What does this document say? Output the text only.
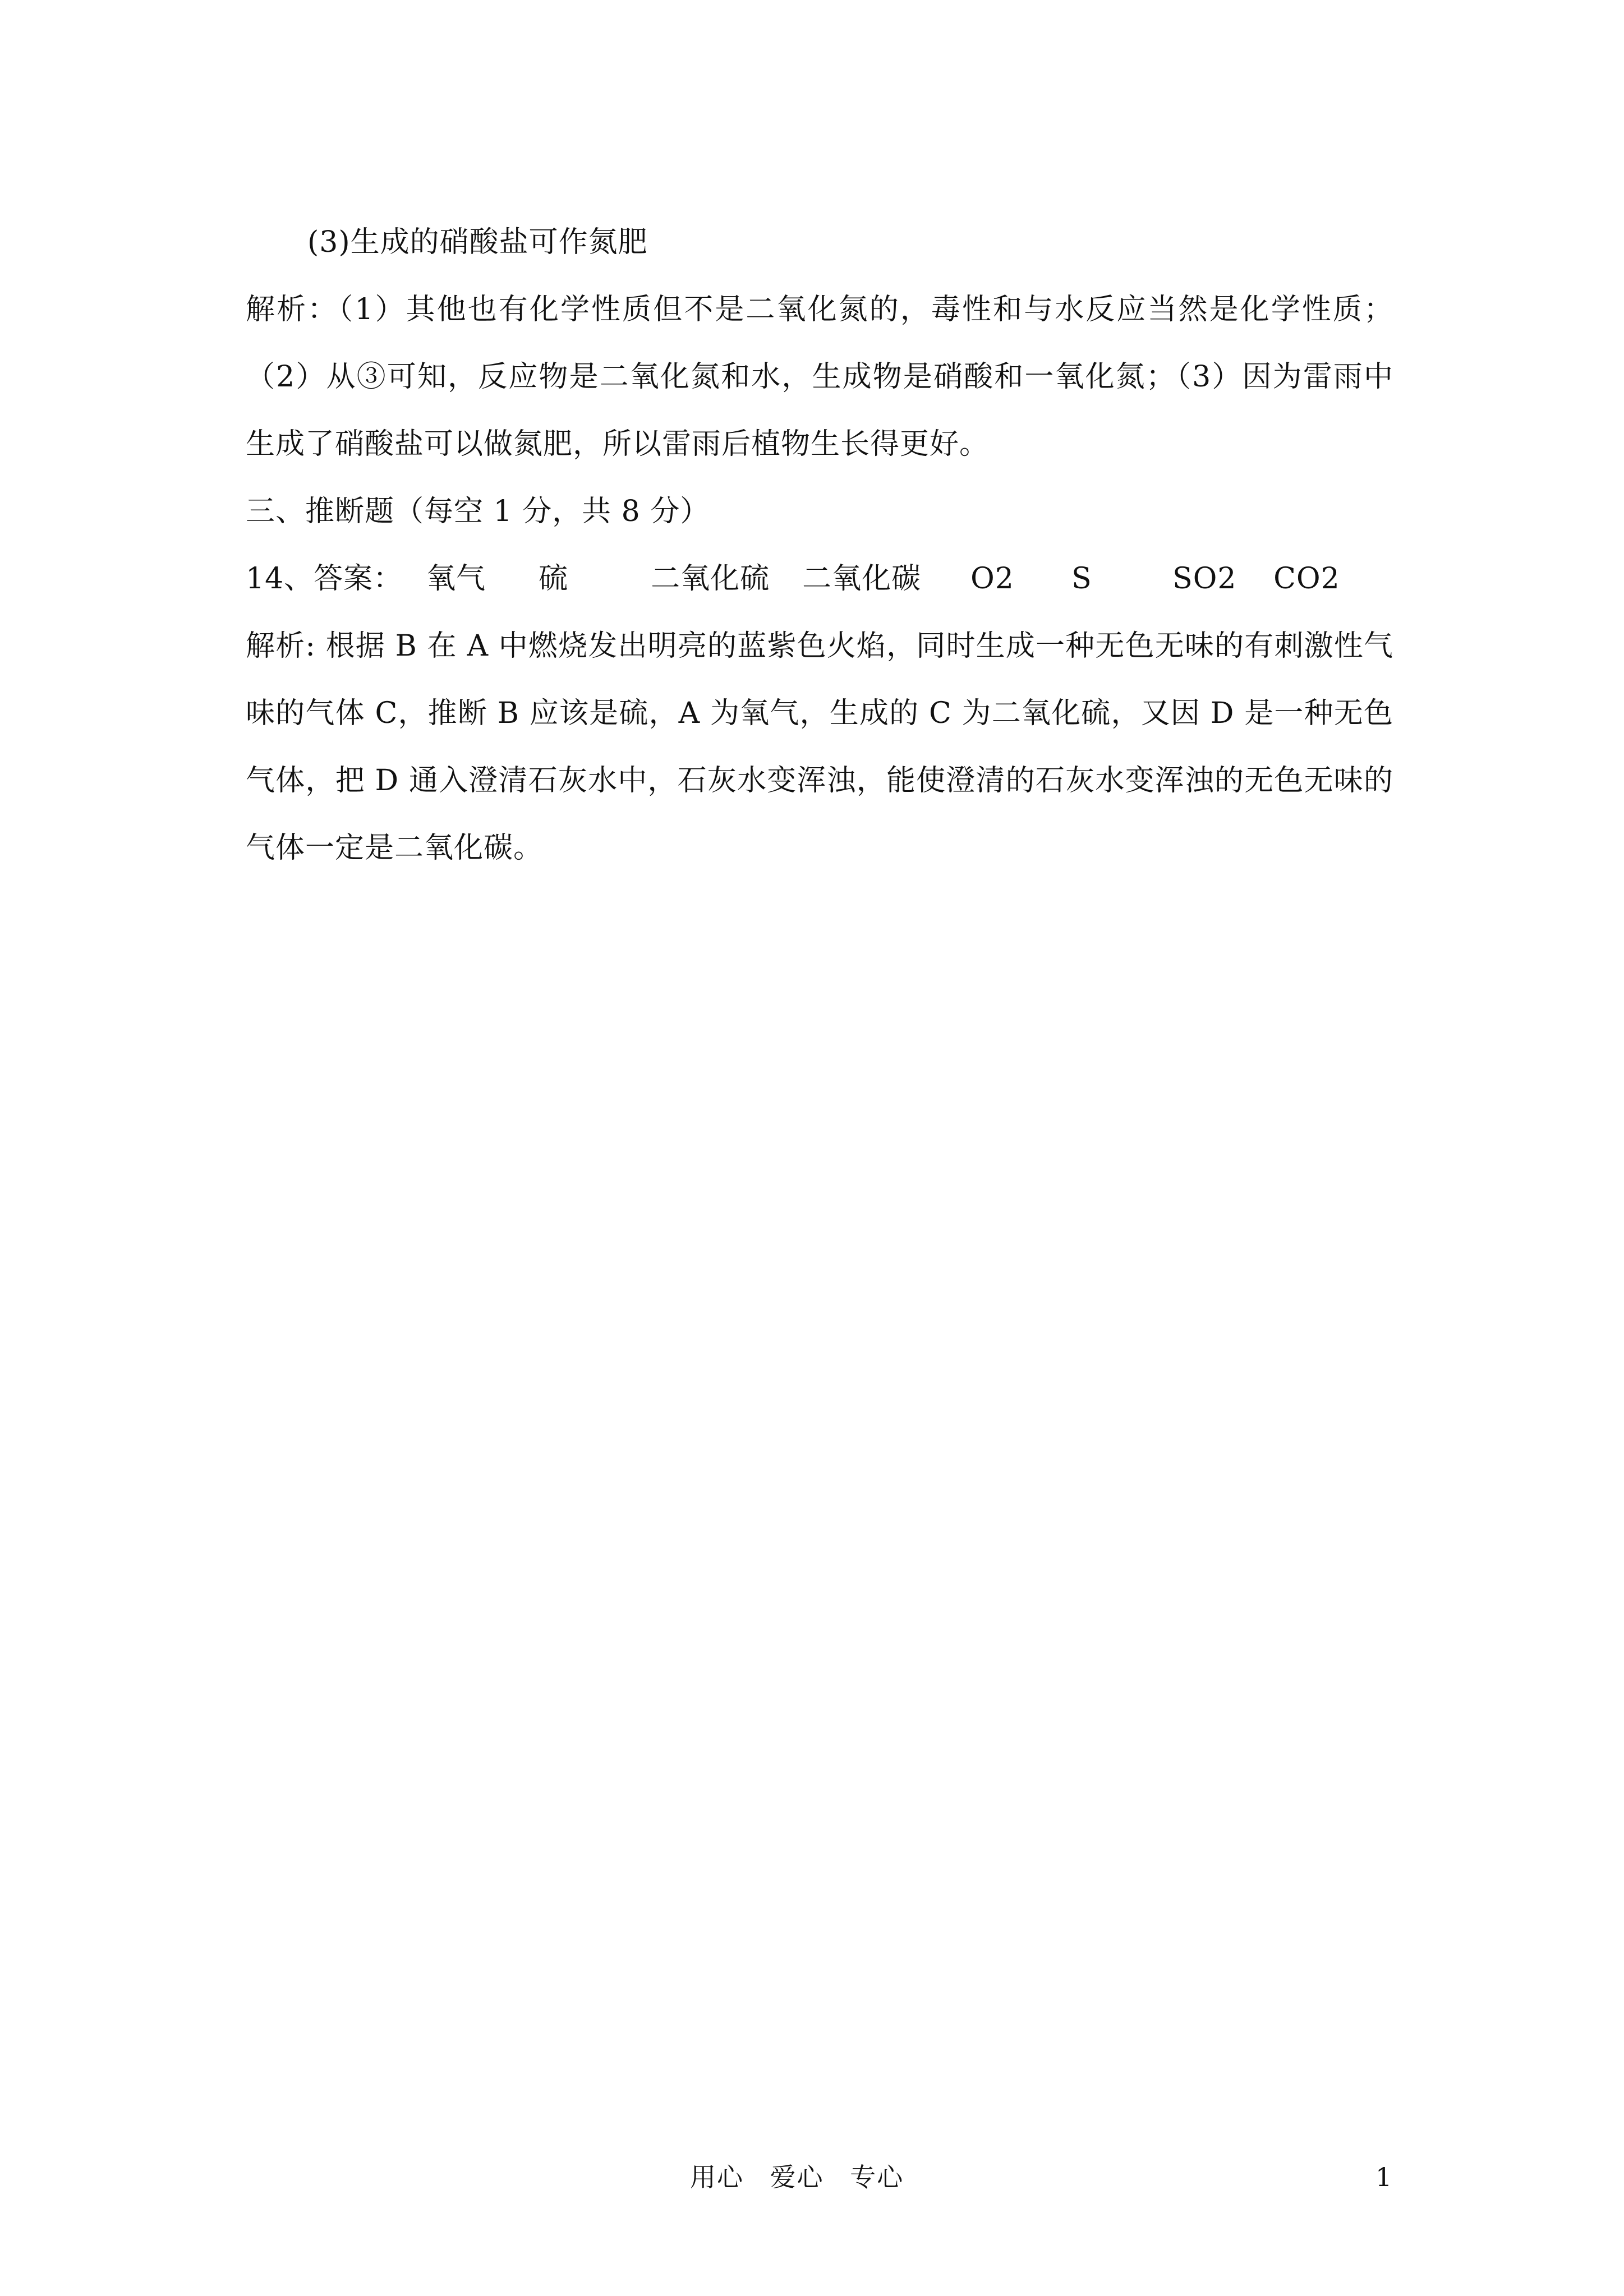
(3)生成的硝酸盐可作氮肥

解析：（1）其他也有化学性质但不是二氧化氮的，毒性和与水反应当然是化学性质；（2）从③可知，反应物是二氧化氮和水，生成物是硝酸和一氧化氮；（3）因为雷雨中生成了硝酸盐可以做氮肥，所以雷雨后植物生长得更好。

三、推断题（每空 1 分，共 8 分）

14、答案： 氧气 硫	二氧化硫 二氧化碳 O2 S	SO2 CO2

解析: 根据 B 在 A 中燃烧发出明亮的蓝紫色火焰，同时生成一种无色无味的有刺激性气味的气体 C，推断 B 应该是硫，A 为氧气，生成的 C 为二氧化硫，又因 D 是一种无色气体，把 D 通入澄清石灰水中，石灰水变浑浊，能使澄清的石灰水变浑浊的无色无味的气体一定是二氧化碳。

用心 爱心 专心	1
